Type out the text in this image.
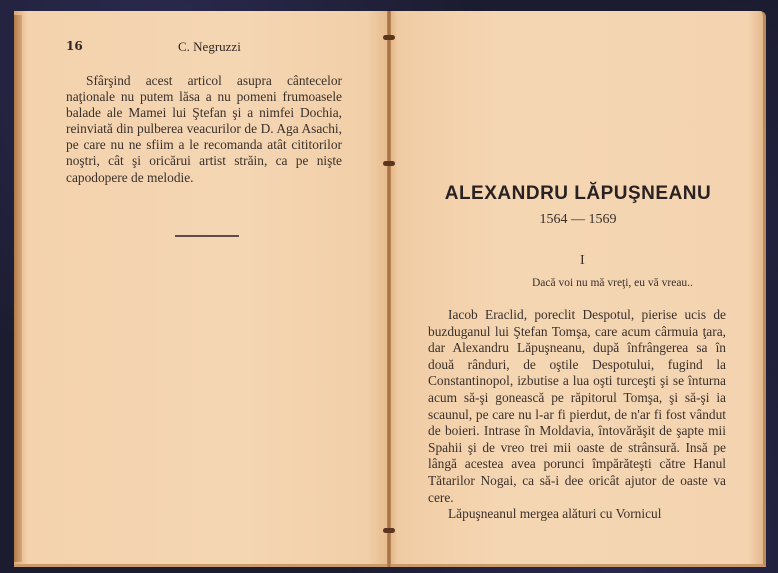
16	C. Negruzzi

Sfârşind acest articol asupra cântecelor naţionale nu putem lăsa a nu pomeni frumoasele balade ale Mamei lui Ştefan şi a nimfei Dochia, reinviată din pulberea veacurilor de D. Aga Asachi, pe care nu ne sfiim a le recomanda atât cititorilor noştri, cât şi oricărui artist străin, ca pe nişte capodopere de melodie.

ALEXANDRU LĂPUŞNEANU
1564 — 1569
I
Dacă voi nu mă vreţi, eu vă vreau..

Iacob Eraclid, poreclit Despotul, pierise ucis de buzduganul lui Ştefan Tomşa, care acum cârmuia ţara, dar Alexandru Lăpuşneanu, după înfrângerea sa în două rânduri, de oştile Despotului, fugind la Constantinopol, izbutise a lua oşti turceşti şi se înturna acum să-şi gonească pe răpitorul Tomşa, şi să-şi ia scaunul, pe care nu l-ar fi pierdut, de n'ar fi fost vândut de boieri. Intrase în Moldavia, întovărăşit de şapte mii Spahii şi de vreo trei mii oaste de strânsură. Insă pe lângă acestea avea porunci împărăteşti către Hanul Tătarilor Nogai, ca să-i dee oricât ajutor de oaste va cere.

Lăpuşneanul mergea alături cu Vornicul
